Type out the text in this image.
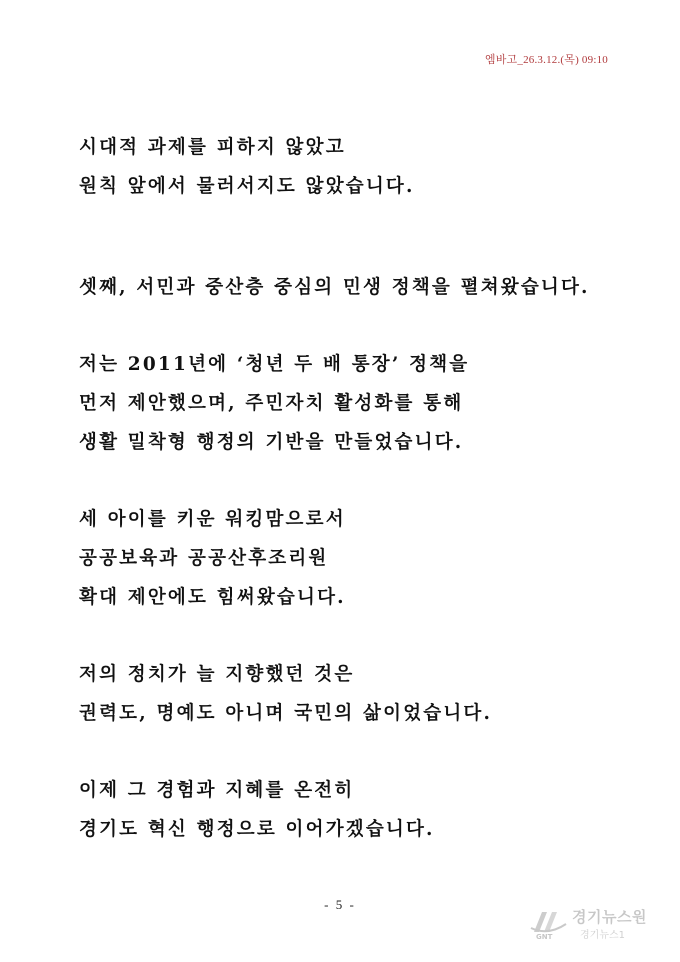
엠바고_26.3.12.(목) 09:10
시대적 과제를 피하지 않았고
원칙 앞에서 물러서지도 않았습니다.
셋째, 서민과 중산층 중심의 민생 정책을 펼쳐왔습니다.
저는 2011년에 ‘청년 두 배 통장’ 정책을
먼저 제안했으며, 주민자치 활성화를 통해
생활 밀착형 행정의 기반을 만들었습니다.
세 아이를 키운 워킹맘으로서
공공보육과 공공산후조리원
확대 제안에도 힘써왔습니다.
저의 정치가 늘 지향했던 것은
권력도, 명예도 아니며 국민의 삶이었습니다.
이제 그 경험과 지혜를 온전히
경기도 혁신 행정으로 이어가겠습니다.
- 5 -
GNT
경기뉴스원
경기뉴스1
